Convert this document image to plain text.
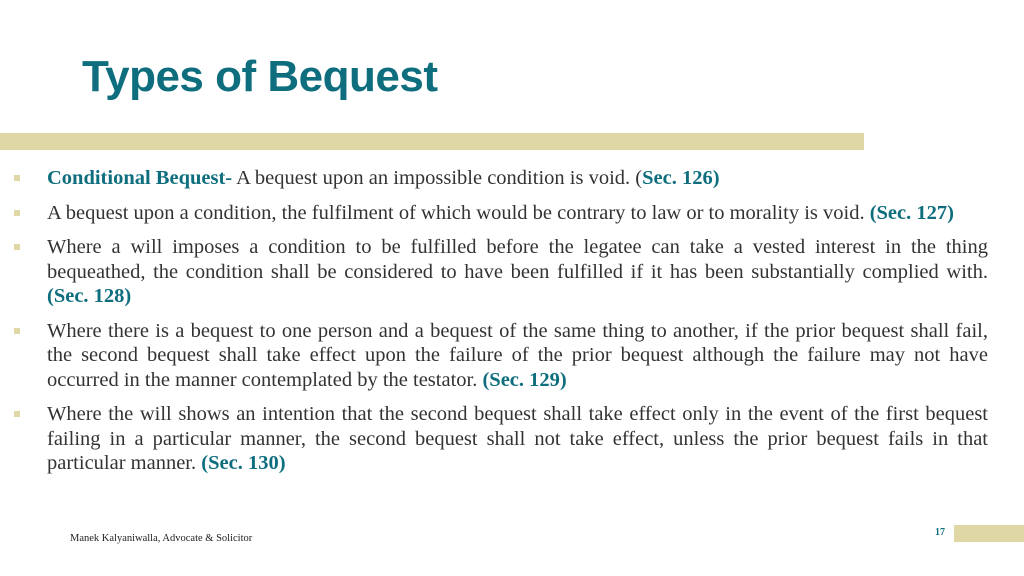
Types of Bequest
Conditional Bequest- A bequest upon an impossible condition is void. (Sec. 126)
A bequest upon a condition, the fulfilment of which would be contrary to law or to morality is void. (Sec. 127)
Where a will imposes a condition to be fulfilled before the legatee can take a vested interest in the thing bequeathed, the condition shall be considered to have been fulfilled if it has been substantially complied with. (Sec. 128)
Where there is a bequest to one person and a bequest of the same thing to another, if the prior bequest shall fail, the second bequest shall take effect upon the failure of the prior bequest although the failure may not have occurred in the manner contemplated by the testator. (Sec. 129)
Where the will shows an intention that the second bequest shall take effect only in the event of the first bequest failing in a particular manner, the second bequest shall not take effect, unless the prior bequest fails in that particular manner. (Sec. 130)
Manek Kalyaniwalla, Advocate & Solicitor
17
